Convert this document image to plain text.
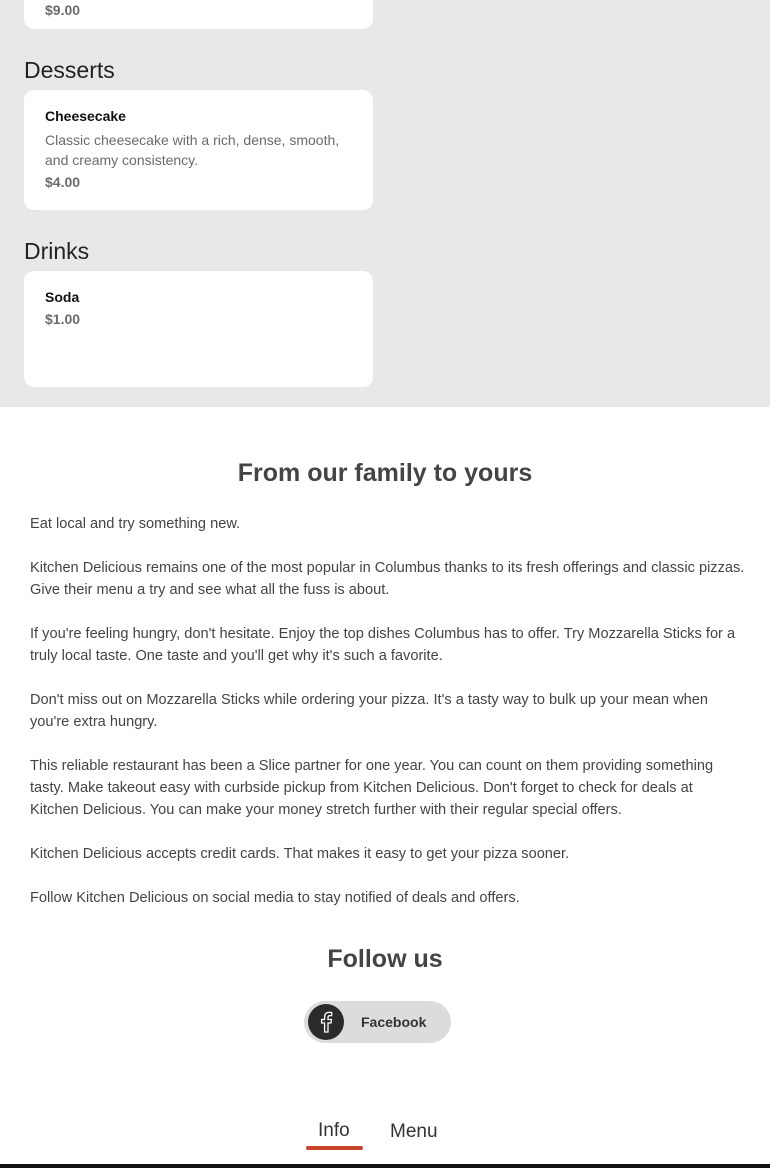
$9.00
Desserts
Cheesecake
Classic cheesecake with a rich, dense, smooth, and creamy consistency.
$4.00
Drinks
Soda
$1.00
From our family to yours

Eat local and try something new.

Kitchen Delicious remains one of the most popular in Columbus thanks to its fresh offerings and classic pizzas. Give their menu a try and see what all the fuss is about.

If you're feeling hungry, don't hesitate. Enjoy the top dishes Columbus has to offer. Try Mozzarella Sticks for a truly local taste. One taste and you'll get why it's such a favorite.

Don't miss out on Mozzarella Sticks while ordering your pizza. It's a tasty way to bulk up your mean when you're extra hungry.

This reliable restaurant has been a Slice partner for one year. You can count on them providing something tasty. Make takeout easy with curbside pickup from Kitchen Delicious. Don't forget to check for deals at Kitchen Delicious. You can make your money stretch further with their regular special offers.

Kitchen Delicious accepts credit cards. That makes it easy to get your pizza sooner.

Follow Kitchen Delicious on social media to stay notified of deals and offers.

Follow us
Facebook
Info Menu
